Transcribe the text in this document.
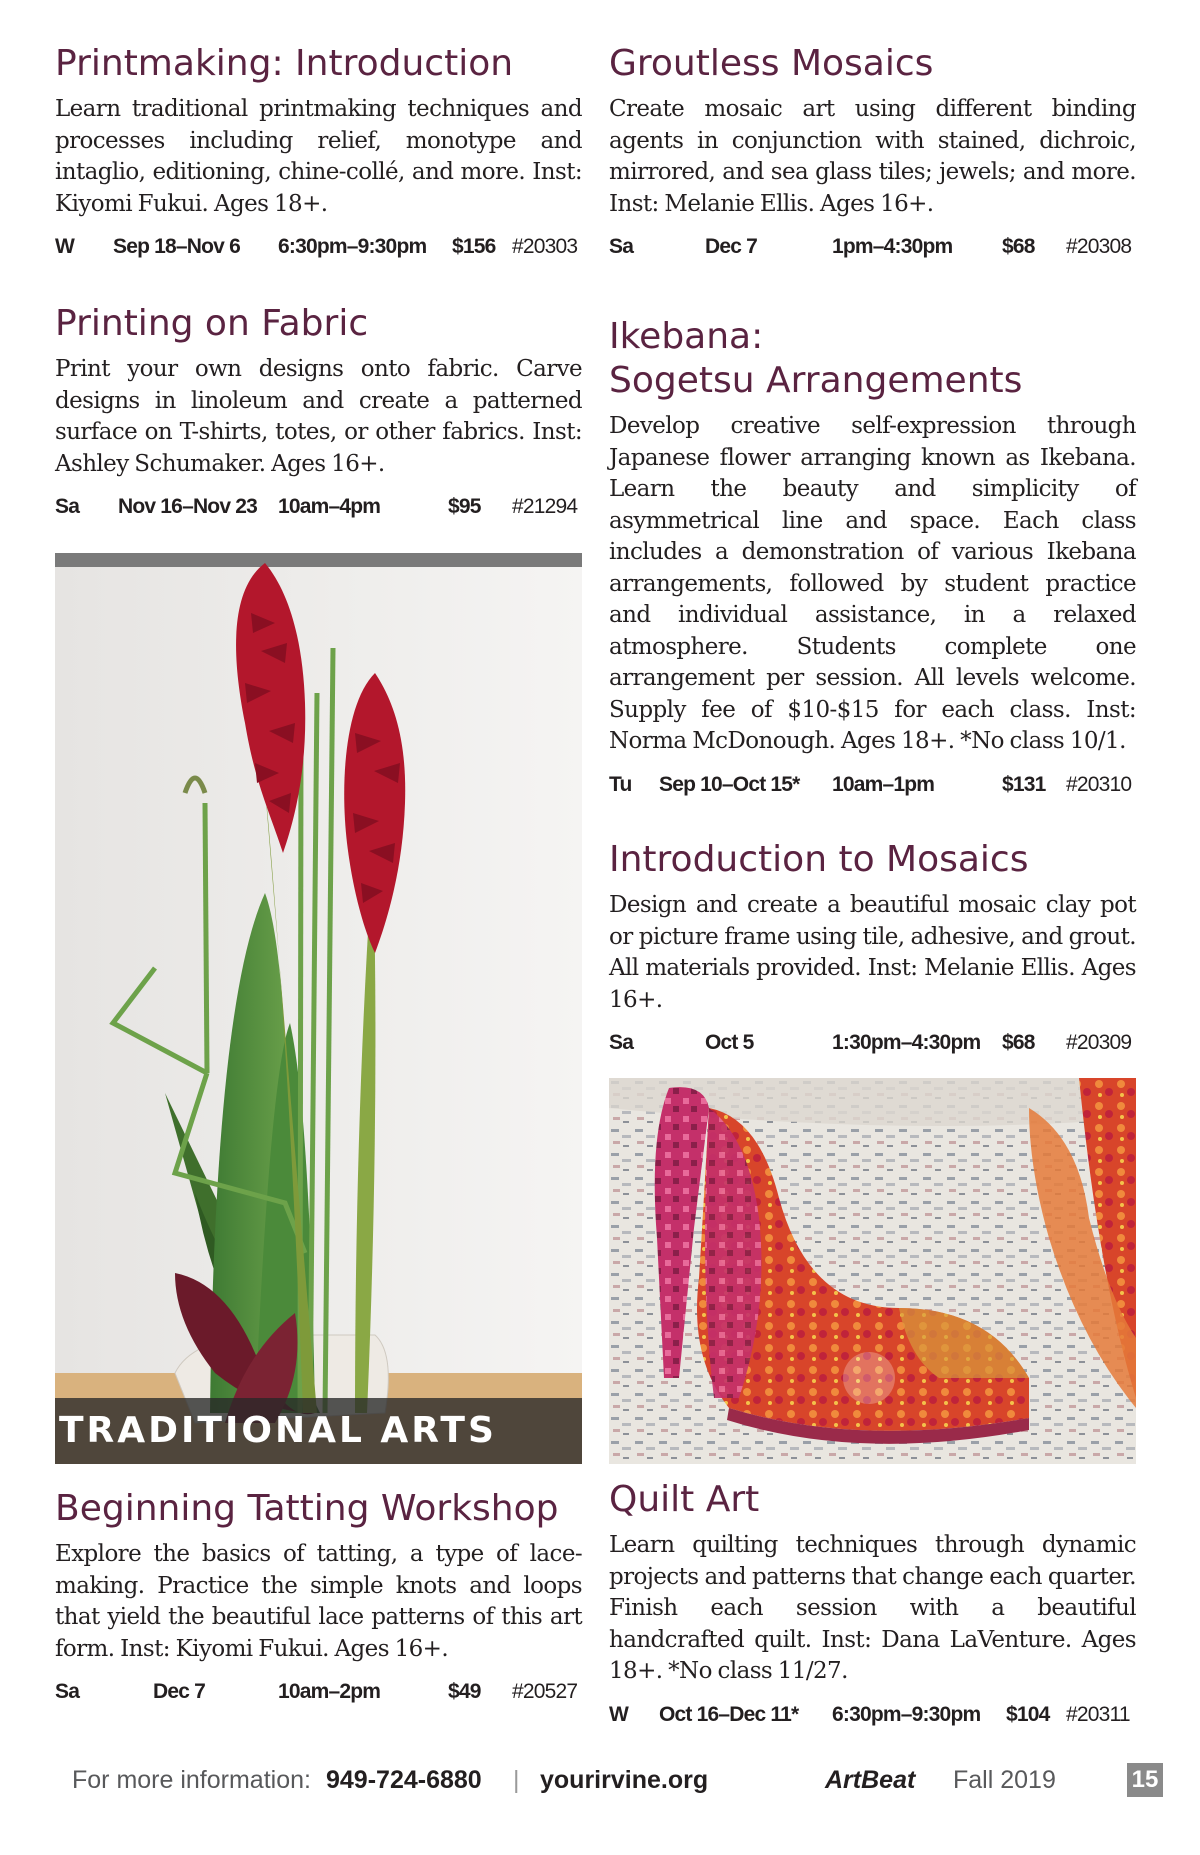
Printmaking: Introduction

Learn traditional printmaking techniques and processes including relief, monotype and intaglio, editioning, chine-collé, and more. Inst: Kiyomi Fukui. Ages 18+.

W Sep 18–Nov 6 6:30pm–9:30pm $156 #20303
Printing on Fabric

Print your own designs onto fabric. Carve designs in linoleum and create a patterned surface on T-shirts, totes, or other fabrics. Inst: Ashley Schumaker. Ages 16+.

Sa Nov 16–Nov 23 10am–4pm	$95 #21294
Beginning Tatting Workshop

Explore the basics of tatting, a type of lace-making. Practice the simple knots and loops that yield the beautiful lace patterns of this art form. Inst: Kiyomi Fukui. Ages 16+.

Sa	Dec 7	10am–2pm	$49 #20527
TRADITIONAL ARTS
Groutless Mosaics

Create mosaic art using different binding agents in conjunction with stained, dichroic, mirrored, and sea glass tiles; jewels; and more. Inst: Melanie Ellis. Ages 16+.

Sa	Dec 7	1pm–4:30pm $68 #20308
Ikebana:
Sogetsu Arrangements

Develop creative self-expression through Japanese flower arranging known as Ikebana. Learn the beauty and simplicity of asymmetrical line and space. Each class includes a demonstration of various Ikebana arrangements, followed by student practice and individual assistance, in a relaxed atmosphere. Students complete one arrangement per session. All levels welcome. Supply fee of $10-$15 for each class. Inst: Norma McDonough. Ages 18+. *No class 10/1.

Tu Sep 10–Oct 15* 10am–1pm	$131 #20310
Introduction to Mosaics

Design and create a beautiful mosaic clay pot or picture frame using tile, adhesive, and grout. All materials provided. Inst: Melanie Ellis. Ages 16+.

Sa	Oct 5	1:30pm–4:30pm $68 #20309
Quilt Art

Learn quilting techniques through dynamic projects and patterns that change each quarter. Finish each session with a beautiful handcrafted quilt. Inst: Dana LaVenture. Ages 18+. *No class 11/27.

W Oct 16–Dec 11* 6:30pm–9:30pm $104 #20311
For more information: 949-724-6880 | yourirvine.org	ArtBeat Fall 2019	15
